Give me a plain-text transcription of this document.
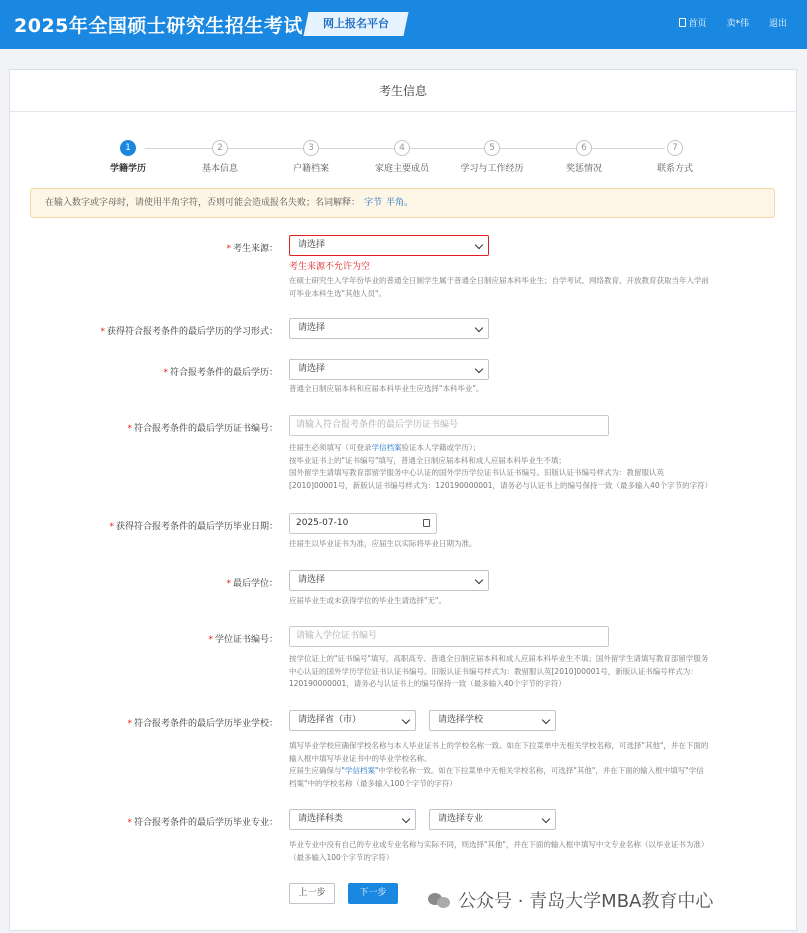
2025年全国硕士研究生招生考试	网上报名平台	首页 卖*伟 退出
考生信息
1
学籍学历
2
基本信息
3
户籍档案
4
家庭主要成员
5
学习与工作经历
6
奖惩情况
7
联系方式
在输入数字或字母时，请使用半角字符，否则可能会造成报名失败；名词解释： 字节 半角。
* 考生来源：	请选择
考生来源不允许为空
在硕士研究生入学年份毕业的普通全日制学生属于普通全日制应届本科毕业生；自学考试、网络教育、开放教育获取当年入学前可毕业本科生选"其他人员"。
* 获得符合报考条件的最后学历的学习形式：	请选择
* 符合报考条件的最后学历：	请选择
普通全日制应届本科和应届本科毕业生应选择"本科毕业"。
* 符合报考条件的最后学历证书编号：	请输入符合报考条件的最后学历证书编号
往届生必须填写（可登录学信档案验证本人学籍或学历）；
按毕业证书上的"证书编号"填写，普通全日制应届本科和成人应届本科毕业生不填；
国外留学生请填写教育部留学服务中心认证的国外学历学位证书认证书编号。旧版认证书编号样式为：教留服认英[2010]00001号，新版认证书编号样式为：120190000001，请务必与认证书上的编号保持一致（最多输入40个字节的字符）
* 获得符合报考条件的最后学历毕业日期：	2025-07-10
往届生以毕业证书为准，应届生以实际将毕业日期为准。
* 最后学位：	请选择
应届毕业生或未获得学位的毕业生请选择"无"。
* 学位证书编号：	请输入学位证书编号
按学位证上的"证书编号"填写，高职高专、普通全日制应届本科和成人应届本科毕业生不填；国外留学生请填写教育部留学服务中心认证的国外学历学位证书认证书编号。旧版认证书编号样式为：教留服认英[2010]00001号，新版认证书编号样式为：120190000001，请务必与认证书上的编号保持一致（最多输入40个字节的字符）
* 符合报考条件的最后学历毕业学校：	请选择省（市）	请选择学校
填写毕业学校应确保学校名称与本人毕业证书上的学校名称一致。如在下拉菜单中无相关学校名称，可选择"其他"，并在下面的输入框中填写毕业证书中的毕业学校名称。
应届生应确保与"学信档案"中学校名称一致。如在下拉菜单中无相关学校名称，可选择"其他"，并在下面的输入框中填写"学信档案"中的学校名称（最多输入100个字节的字符）
* 符合报考条件的最后学历毕业专业：	请选择科类	请选择专业
毕业专业中没有自己的专业或专业名称与实际不同，则选择"其他"，并在下面的输入框中填写中文专业名称（以毕业证书为准）（最多输入100个字节的字符）
上一步	下一步	公众号 · 青岛大学MBA教育中心
